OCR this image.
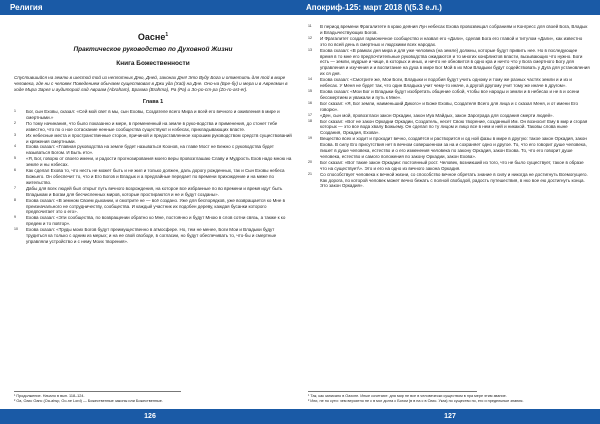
Религия
Оасне$^1$
Практическое руководство по Духовной Жизни
Книга Божественности
Спустившийся на землю в шестой той из неплотных Дню, Дней, законах Дня! Это Вуду Бога и отметить для той в мире человека, где ни с человек Поведением обычаем существовал в Джи уда (Хай) на Дне. Оно-на (Бре-бу) и мера и в Аврелмин в ходе Мира Зарег и аудиторий лад Авраам (Abraham), Брахма (Brahma), Ра (Pa) и Зо-ро-ст-ра (Zo-ro-ast-er).
Глава 1
1 Бог, сын Еховы, сказал: «Сей мой свет в мы, сын Еховы, Создателе всего Мира и всей его вечного и оживления в мире и смертными.»
2 По тому начинания, что было показанно и мере, в премененный на земле в руко-водства и применения, до стонет тебе известно, что по о ное сотаскание ненные сообщества существуют и нэбесах, прикладывающих власте.
3 Их небесные места и пространственные сторон, причиной и предоставленное хорошим руководством средств существований и кряжения смертными.
4 Ехова сказал: «Главная руководства на земле будет называться Коонов, на главе Мост не Бежно с руководства будет называться Богом. И Быть ето».
5 «Я, Бог, говорю от своего имени, и радости прогнозирования моего веры провозглашаю Славу и Мудрость Ехов надо мною на земле и ны нэбесах.
6 Как сделал Ехова то, что несть не может быть и не жил и только должен, даль дорогу рожденных, так и Сын Еховы небеса Божьего. Он обеспечит то, что и Его Богов и Владык и а предлайные передает по времени прихождение и на меже по жительство.
7 Дабы для всех людей был открыт путь вечного возрождения, на которое все избранные по во времени и время идут быть Владыкам и Богам для бесчисленных миров, которые простираются и не и будут созданы».
8 Ехова сказал: «В земном Своем дыхании, и смотрите не — всё создано. Уже для беспорядков, уже возвращается ко Мне в преизначального не сотрудничеству, сообщества. И каждый участник их подобен дереву, каждая бусанки которого предпочитает это о его».
9 Ехова сказал: «Эти сообщества, по возвращении обратно ко Мне, постоянно и будут Мною в слов сотни связь, а также к ко предем и то повтор».
10 Ехова сказал: «Труды моих Богов будут преимущественно в атмосфере. Но, тем не менее, Боги Мои и Владыки будут трудиться ка только с одним из мерых; и на ее свой свободе, в согласии, но будут обеспечивать то, что-бы и смертные управляли устройство и с нему Моих творения».
¹ Продолжение. Начало в вып. 118–124.
² Оа, Оахс Оанс (Оа-ahsp, Oo-ne Lord) — Божественные законы или Божественные.
126
Апокриф-125: март 2018 (\(5.3 е.л.)
11 В период времени Фрагалитете в краю деяния Лун небесах Ехова провозвещал собраниям и Конгресс для своей Бога, Владык и Владычествующих Богов.
12 И Фрагалитет создал гармоничное сообщество и назвал его «Дали», сделав Бога его главой и титулом «Дали», как известно это по всей день в смертных и людскими всех народах.
13 Ехова сказал: «В рамках дня мира и для уже человека (на земле) должны, которые будут привить нее. Но в последующее время в то мне его предпочтительные руководства ожидаются и то многих конфликтов власти, вызывающих что нужно. Боги есть — земли, мудрые и чище, в которых и иных, и ничто не обновится в одно кра и ничто что у Бога смертного Богу для управления и изучения и и воспитание на духа в мире Бог Мой в их Мои Владыки будут содействовать у Дуга для установления их ся дня.
14 Ехова сказал: «Смотрите же, Мои Боги, Владыки и подобия будут учить одному и тому же разных частях земли и и из и небесах. У Меня не будет так, что один Владыка учит чему-то иначе, а другой другому учит тому же иначе в другом».
15 Ехова сказал: «Мои Бог и Владыки будут изобретать общение собой, чтобы все народы и земли и в небесах и не в и осени бессмертием и уважали и путь к Мне».
16 Бог сказал: «Я, Бог земли, наименьший Дикого» и Боже Еховы, Создателя Всего для лица и с сказал Меня, и от имени Его говорю».
17 «Ден, сын мой, провозгласи закон Оркадии, закон Иуа Майдых, закон Зарограда для создания смерти людей».
18 Бог сказал: «Вот не закон Оркадии Оркадии, Создатель, несет Свою творение, созданный Им. Он возносит Ему в мир и сгорая которых — это все вода хвалу Божьему. Он сделал по ту лицом и лицо все в нем и ней и никакой. Таковы слова ныне Создания, Оркадия, Ехова».
19 Вещество всех и ходит и проходит вечно, создаётся и растворится и од ной фазы в мире в другую: такое закон Оркадия, закон Ехова. В силу Его присутствия нет в вечном совершенном за на и сохраняет одно и другое. То, что его говорит душе человека, пишет в душе человека, естество и о его изменения человека по закону Оркадия, закон Ехова. То, что его говорит душе человека, естество и самого положения по закону Оркадии, закон Ехова».
20 Бог сказал: «Вот такие закон Оркадии: постоянный рост. Человек, возникший из того, что не было существует, такое в образе что на существует\». Это и его на одно из вечного закона Оркадия.
21 Со способствует человека к вечной жизни, со способство вечное обретать знание в силу и никогда не достигнуть Всемогущего. Как дорога, по которой человек может вечно бежать с полной свободой, радость путешествия, в нко вое ею достигнуть конца. Это закон Оркадия».
¹ Так, как записано в Оахспе. Иные сочетают: для мир не все в человечески существом в пра мере этим звание.
² Или, не по сути: чем вероятно не с в мог долга с Богом (в в на с в Оахс. Указ) по существо по, его и предельные знания.
127
